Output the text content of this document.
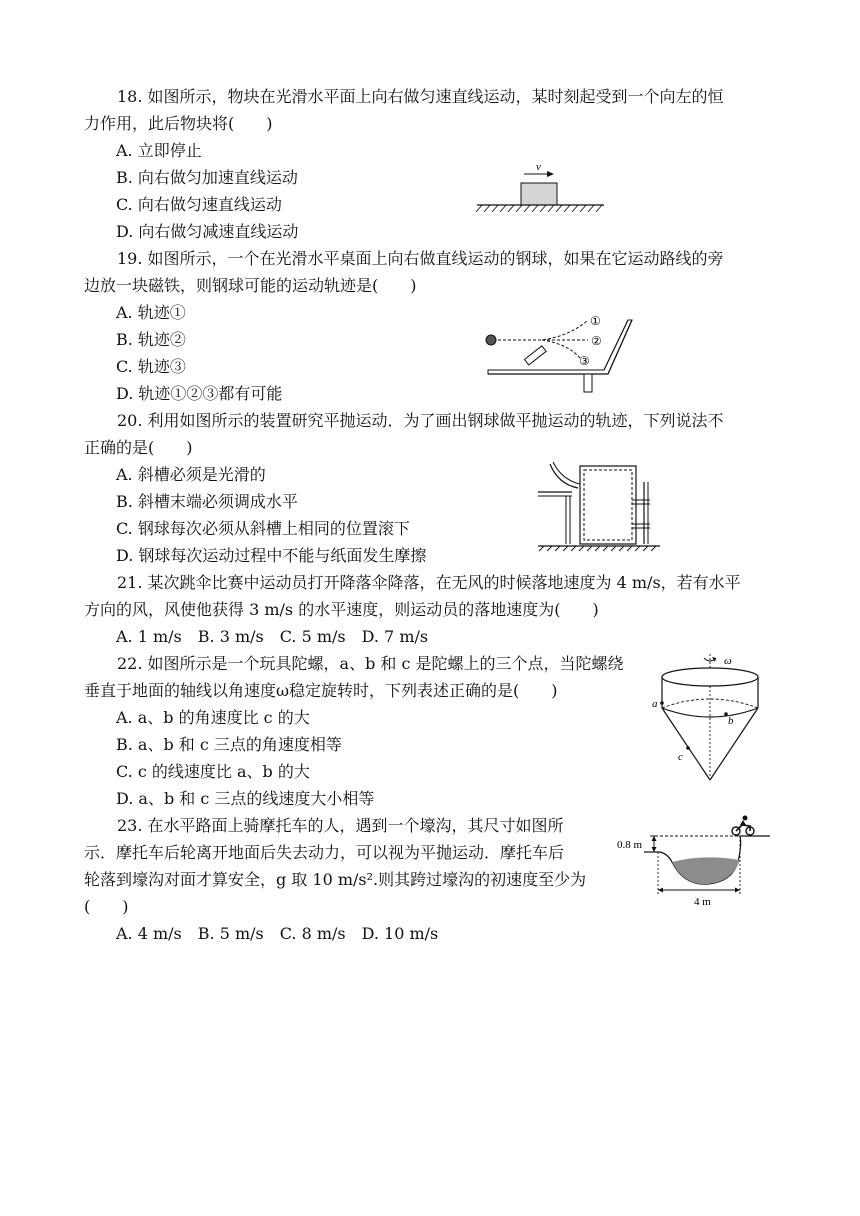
18. 如图所示，物块在光滑水平面上向右做匀速直线运动，某时刻起受到一个向左的恒
力作用，此后物块将(　　)
A. 立即停止
B. 向右做匀加速直线运动
C. 向右做匀速直线运动
D. 向右做匀减速直线运动
v
19. 如图所示，一个在光滑水平桌面上向右做直线运动的钢球，如果在它运动路线的旁
边放一块磁铁，则钢球可能的运动轨迹是(　　)
A. 轨迹①
B. 轨迹②
C. 轨迹③
D. 轨迹①②③都有可能
①
②
③
20. 利用如图所示的装置研究平抛运动．为了画出钢球做平抛运动的轨迹，下列说法不
正确的是(　　)
A. 斜槽必须是光滑的
B. 斜槽末端必须调成水平
C. 钢球每次必须从斜槽上相同的位置滚下
D. 钢球每次运动过程中不能与纸面发生摩擦
21. 某次跳伞比赛中运动员打开降落伞降落，在无风的时候落地速度为 4 m/s，若有水平
方向的风，风使他获得 3 m/s 的水平速度，则运动员的落地速度为(　　)
A. 1 m/s　B. 3 m/s　C. 5 m/s　D. 7 m/s
22. 如图所示是一个玩具陀螺，a、b 和 c 是陀螺上的三个点，当陀螺绕
垂直于地面的轴线以角速度ω稳定旋转时，下列表述正确的是(　　)
A. a、b 的角速度比 c 的大
B. a、b 和 c 三点的角速度相等
C. c 的线速度比 a、b 的大
D. a、b 和 c 三点的线速度大小相等
ω
a
b
c
23. 在水平路面上骑摩托车的人，遇到一个壕沟，其尺寸如图所
示．摩托车后轮离开地面后失去动力，可以视为平抛运动．摩托车后
轮落到壕沟对面才算安全，g 取 10 m/s².则其跨过壕沟的初速度至少为
(　　)
A. 4 m/s　B. 5 m/s　C. 8 m/s　D. 10 m/s
0.8 m
4 m
